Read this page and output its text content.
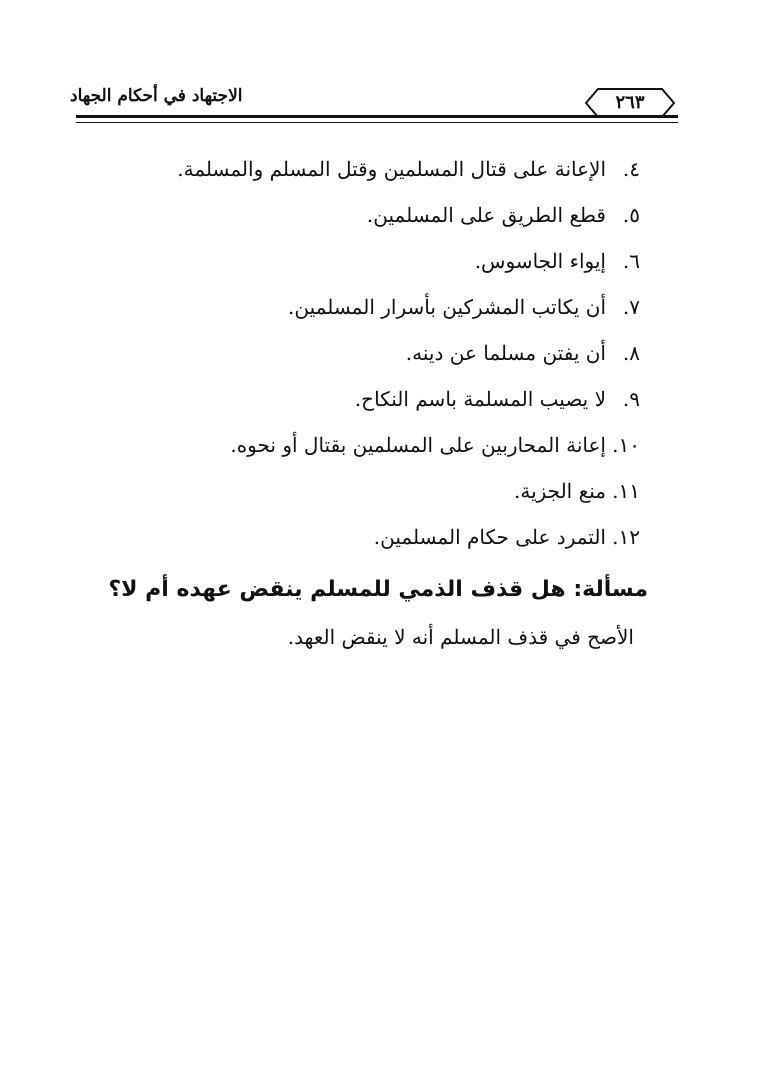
الاجتهاد في أحكام الجهاد	٢٦٣
٤.
الإعانة على قتال المسلمين وقتل المسلم والمسلمة.
٥.
قطع الطريق على المسلمين.
٦.
إيواء الجاسوس.
٧.
أن يكاتب المشركين بأسرار المسلمين.
٨.
أن يفتن مسلما عن دينه.
٩.
لا يصيب المسلمة باسم النكاح.
١٠.
إعانة المحاربين على المسلمين بقتال أو نحوه.
١١.
منع الجزية.
١٢.
التمرد على حكام المسلمين.
مسألة: هل قذف الذمي للمسلم ينقض عهده أم لا؟
الأصح في قذف المسلم أنه لا ينقض العهد.
